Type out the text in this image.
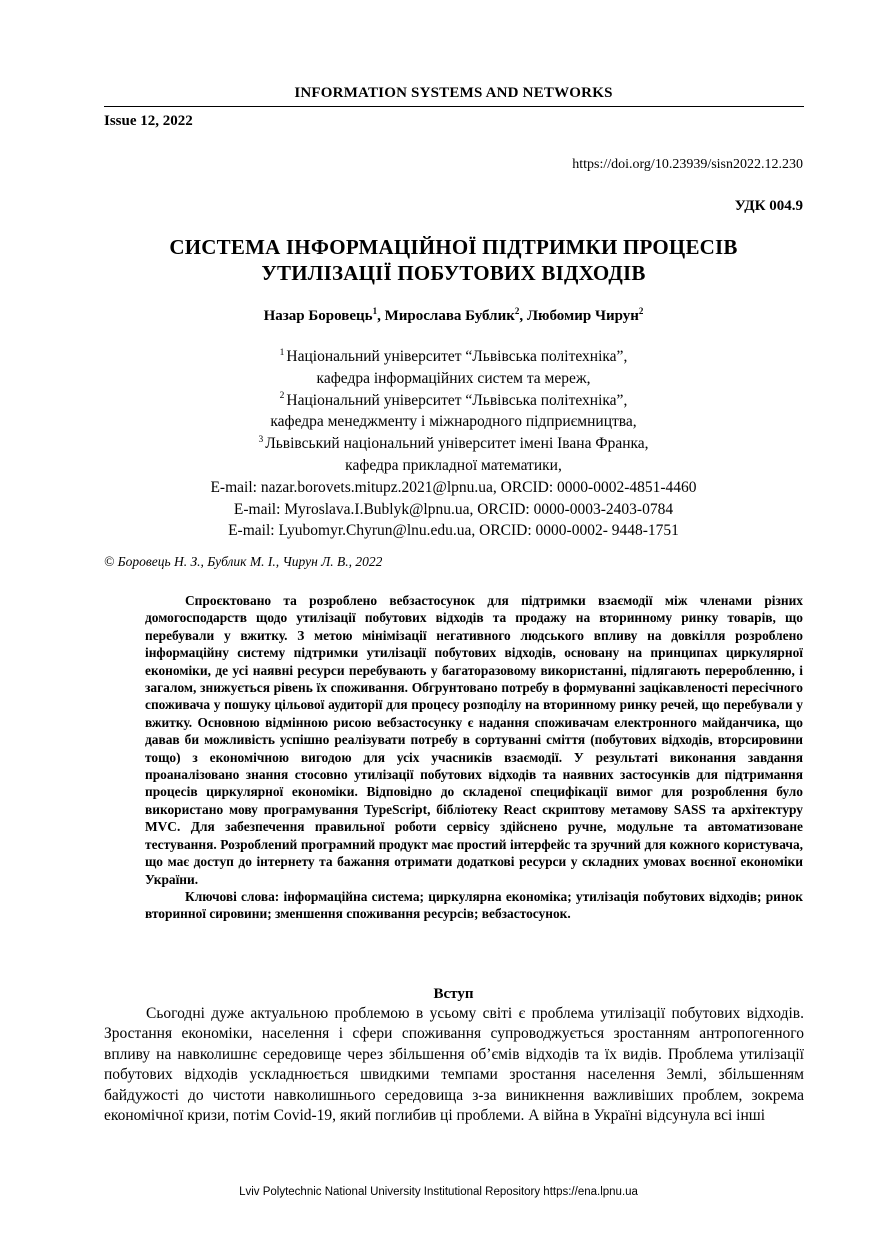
INFORMATION SYSTEMS AND NETWORKS
Issue 12, 2022
https://doi.org/10.23939/sisn2022.12.230
УДК 004.9
СИСТЕМА ІНФОРМАЦІЙНОЇ ПІДТРИМКИ ПРОЦЕСІВ
УТИЛІЗАЦІЇ ПОБУТОВИХ ВІДХОДІВ
Назар Боровець$^1$, Мирослава Бублик$^2$, Любомир Чирун$^2$
$^1$ Національний університет “Львівська політехніка”,
кафедра інформаційних систем та мереж,
$^2$ Національний університет “Львівська політехніка”,
кафедра менеджменту і міжнародного підприємництва,
$^3$ Львівський національний університет імені Івана Франка,
кафедра прикладної математики,
E-mail: nazar.borovets.mitupz.2021@lpnu.ua, ORCID: 0000-0002-4851-4460
E-mail: Myroslava.I.Bublyk@lpnu.ua, ORCID: 0000-0003-2403-0784
E-mail: Lyubomyr.Chyrun@lnu.edu.ua, ORCID: 0000-0002- 9448-1751
© Боровець Н. З., Бублик М. І., Чирун Л. В., 2022
Спроєктовано та розроблено вебзастосунок для підтримки взаємодії між членами різних домогосподарств щодо утилізації побутових відходів та продажу на вторинному ринку товарів, що перебували у вжитку. З метою мінімізації негативного людського впливу на довкілля розроблено інформаційну систему підтримки утилізації побутових відходів, основану на принципах циркулярної економіки, де усі наявні ресурси перебувають у багаторазовому використанні, підлягають переробленню, і загалом, знижується рівень їх споживання. Обгрунтовано потребу в формуванні зацікавленості пересічного споживача у пошуку цільової аудиторії для процесу розподілу на вторинному ринку речей, що перебували у вжитку. Основною відмінною рисою вебзастосунку є надання споживачам електронного майданчика, що давав би можливість успішно реалізувати потребу в сортуванні сміття (побутових відходів, вторсировини тощо) з економічною вигодою для усіх учасників взаємодії. У результаті виконання завдання проаналізовано знання стосовно утилізації побутових відходів та наявних застосунків для підтримання процесів циркулярної економіки. Відповідно до складеної специфікації вимог для розроблення було використано мову програмування TypeScript, бібліотеку React скриптову метамову SASS та архітектуру MVC. Для забезпечення правильної роботи сервісу здійснено ручне, модульне та автоматизоване тестування. Розроблений програмний продукт має простий інтерфейс та зручний для кожного користувача, що має доступ до інтернету та бажання отримати додаткові ресурси у складних умовах воєнної економіки України.
Ключові слова: інформаційна система; циркулярна економіка; утилізація побутових відходів; ринок вторинної сировини; зменшення споживання ресурсів; вебзастосунок.
Вступ
Сьогодні дуже актуальною проблемою в усьому світі є проблема утилізації побутових відходів. Зростання економіки, населення і сфери споживання супроводжується зростанням антропогенного впливу на навколишнє середовище через збільшення об’ємів відходів та їх видів. Проблема утилізації побутових відходів ускладнюється швидкими темпами зростання населення Землі, збільшенням байдужості до чистоти навколишнього середовища з-за виникнення важливіших проблем, зокрема економічної кризи, потім Covid-19, який поглибив ці проблеми. А війна в Україні відсунула всі інші
Lviv Polytechnic National University Institutional Repository https://ena.lpnu.ua
